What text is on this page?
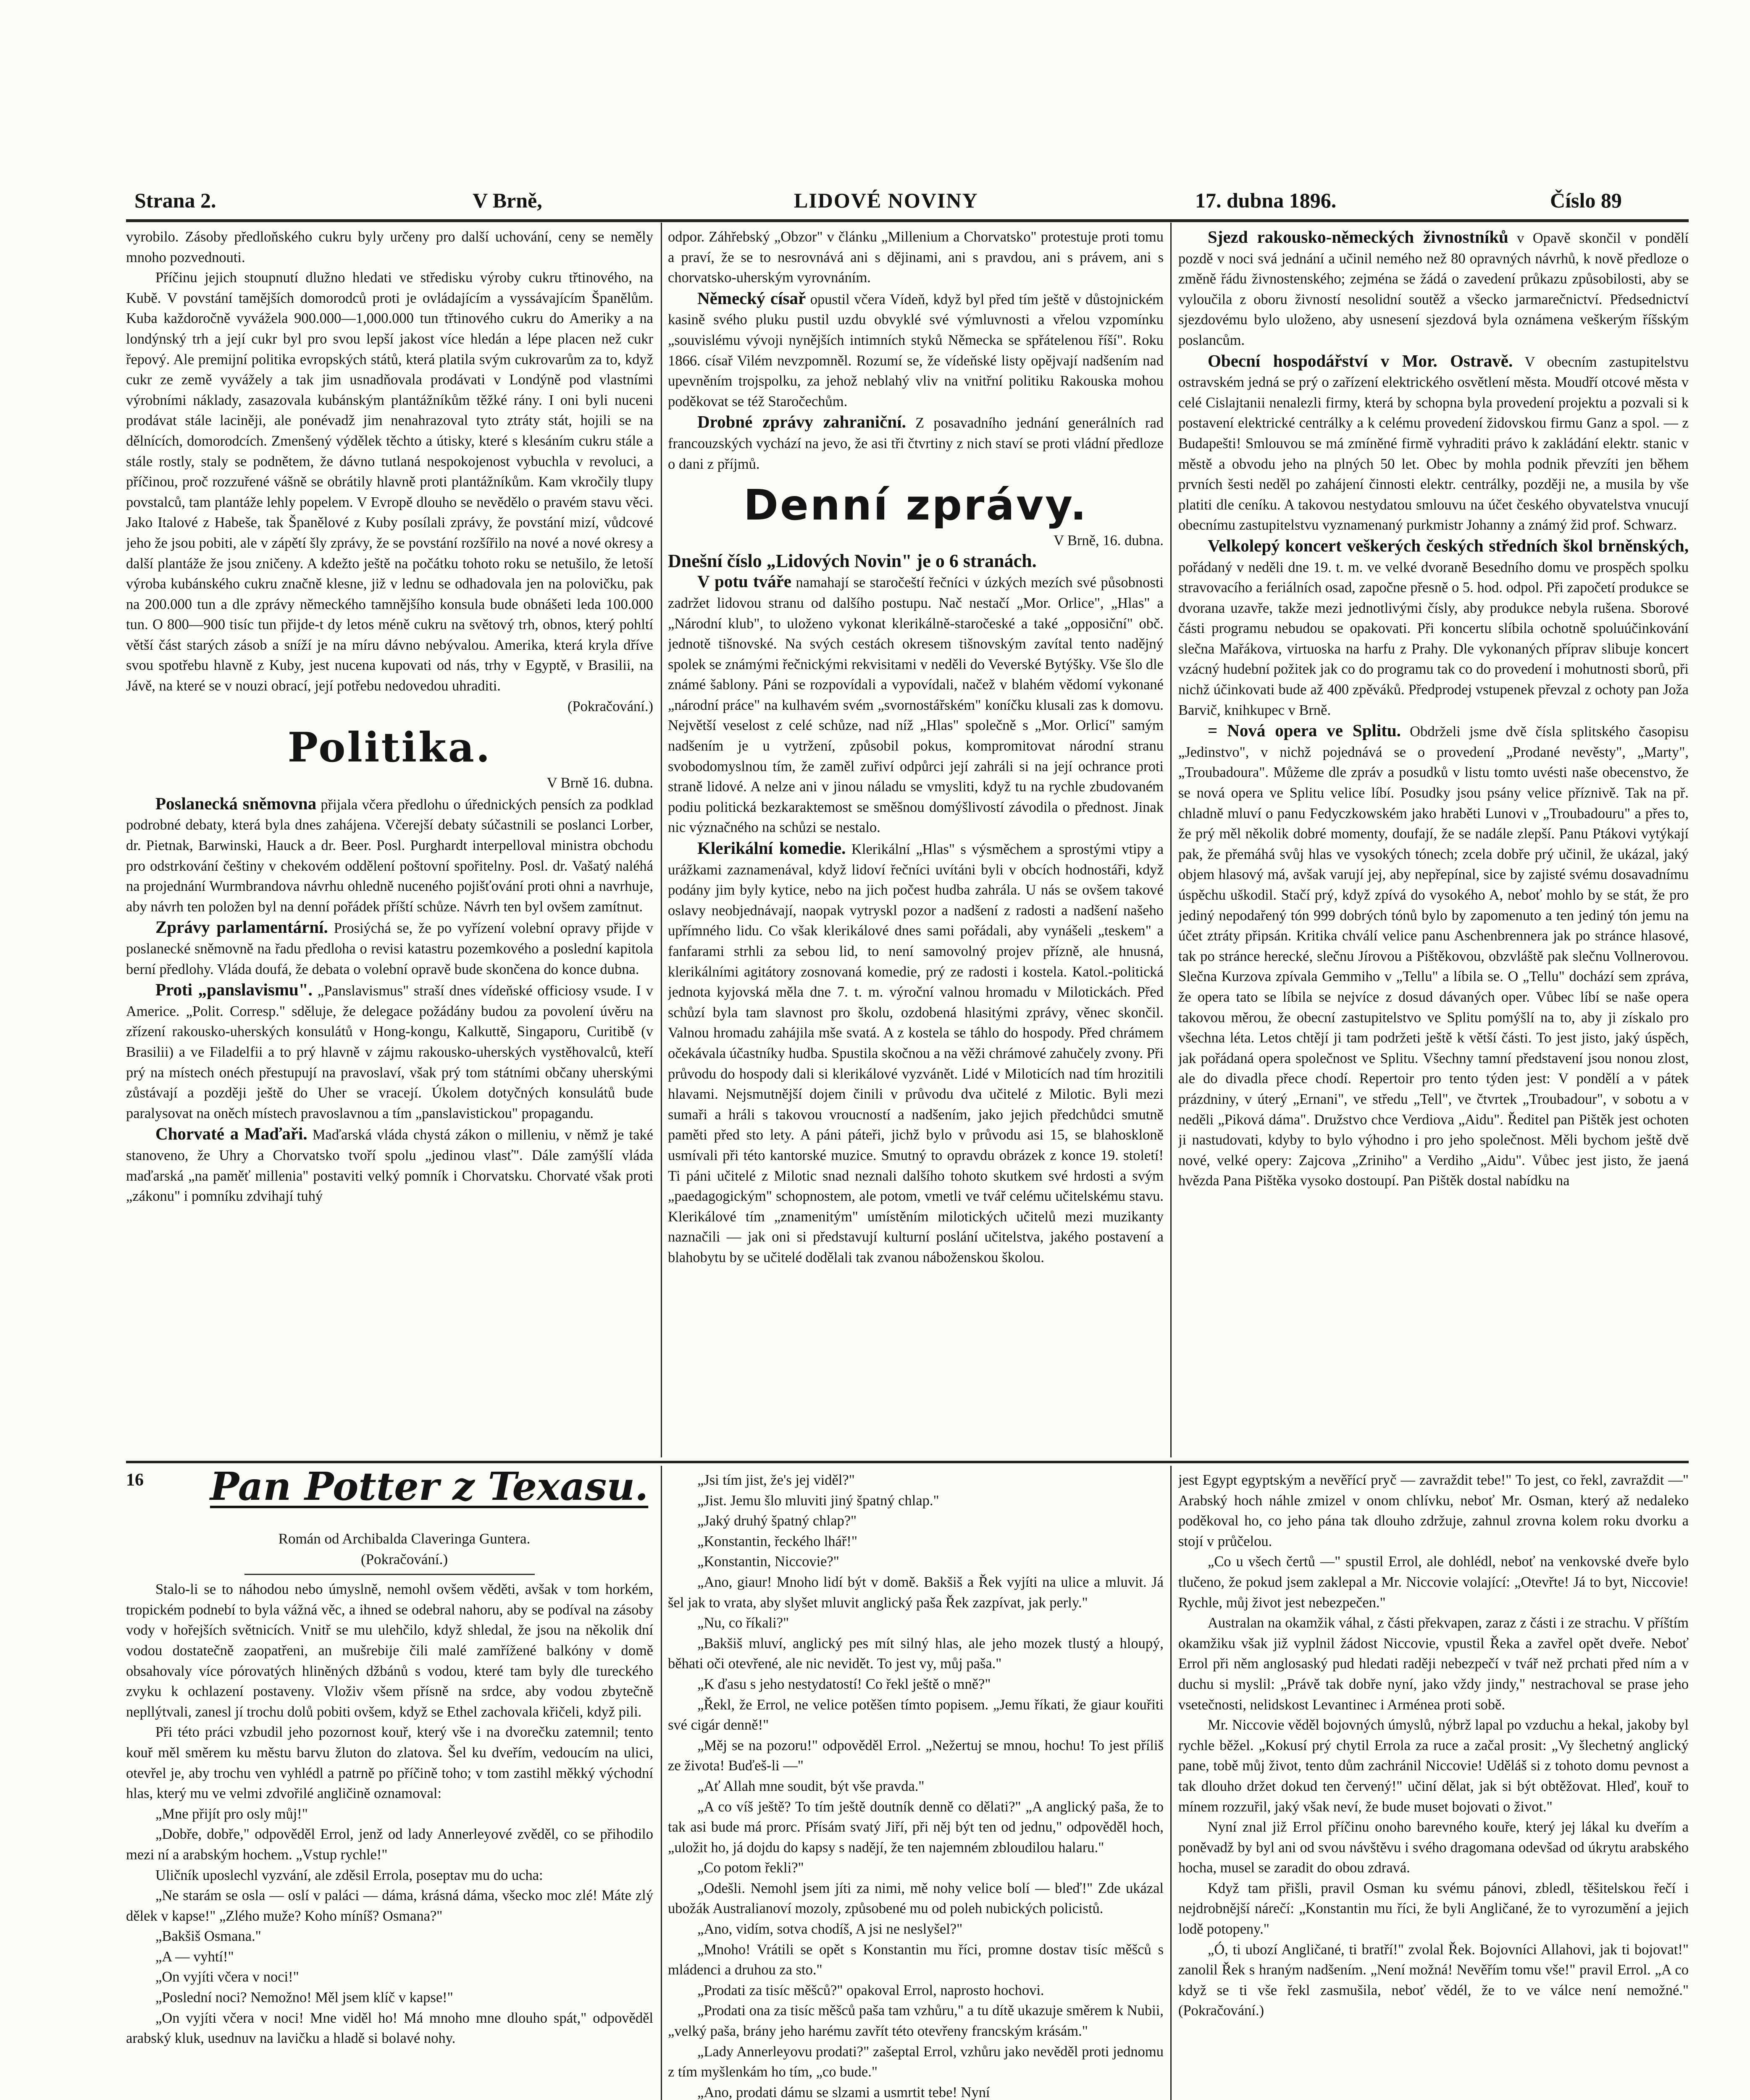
Strana 2.	V Brně,	LIDOVÉ NOVINY	17. dubna 1896.	Číslo 89

vyrobilo. Zásoby předloňského cukru byly určeny pro další uchování, ceny se neměly mnoho pozvednouti.

Příčinu jejich stoupnutí dlužno hledati ve středisku výroby cukru třtinového, na Kubě. V povstání tamějších domorodců proti je ovládajícím a vyssávajícím Španělům. Kuba každoročně vyvážela 900.000—1,000.000 tun třtinového cukru do Ameriky a na londýnský trh a její cukr byl pro svou lepší jakost více hledán a lépe placen než cukr řepový. Ale premijní politika evropských států, která platila svým cukrovarům za to, když cukr ze země vyvážely a tak jim usnadňovala prodávati v Londýně pod vlastními výrobními náklady, zasazovala kubánským plantážníkům těžké rány. I oni byli nuceni prodávat stále laciněji, ale ponévadž jim nenahrazoval tyto ztráty stát, hojili se na dělnících, domorodcích. Zmenšený výdělek těchto a útisky, které s klesáním cukru stále a stále rostly, staly se podnětem, že dávno tutlaná nespokojenost vybuchla v revoluci, a příčinou, proč rozzuřené vášně se obrátily hlavně proti plantážníkům. Kam vkročily tlupy povstalců, tam plantáže lehly popelem. V Evropě dlouho se nevědělo o pravém stavu věci. Jako Italové z Habeše, tak Španělové z Kuby posílali zprávy, že povstání mizí, vůdcové jeho že jsou pobiti, ale v zápětí šly zprávy, že se povstání rozšířilo na nové a nové okresy a další plantáže že jsou zničeny. A kdežto ještě na počátku tohoto roku se netušilo, že letoší výroba kubánského cukru značně klesne, již v lednu se odhadovala jen na polovičku, pak na 200.000 tun a dle zprávy německého tamnějšího konsula bude obnášeti leda 100.000 tun. O 800—900 tisíc tun přijde-t dy letos méně cukru na světový trh, obnos, který pohltí větší část starých zásob a sníží je na míru dávno nebývalou. Amerika, která kryla dříve svou spotřebu hlavně z Kuby, jest nucena kupovati od nás, trhy v Egyptě, v Brasilii, na Jávě, na které se v nouzi obrací, její potřebu nedovedou uhraditi.

(Pokračování.)

Politika.

V Brně 16. dubna.

Poslanecká sněmovna přijala včera předlohu o úřednických pensích za podklad podrobné debaty, která byla dnes zahájena. Včerejší debaty súčastnili se poslanci Lorber, dr. Pietnak, Barwinski, Hauck a dr. Beer. Posl. Purghardt interpelloval ministra obchodu pro odstrkování češtiny v chekovém oddělení poštovní spořitelny. Posl. dr. Vašatý naléhá na projednání Wurmbrandova návrhu ohledně nuceného pojišťování proti ohni a navrhuje, aby návrh ten položen byl na denní pořádek příští schůze. Návrh ten byl ovšem zamítnut.

Zprávy parlamentární. Prosiýchá se, že po vyřízení volební opravy přijde v poslanecké sněmovně na řadu předloha o revisi katastru pozemkového a poslední kapitola berní předlohy. Vláda doufá, že debata o volební opravě bude skončena do konce dubna.

Proti „panslavismu". „Panslavismus" straší dnes vídeňské officiosy vsude. I v Americe. „Polit. Corresp." sděluje, že delegace požádány budou za povolení úvěru na zřízení rakousko-uherských konsulátů v Hong-kongu, Kalkuttě, Singaporu, Curitibě (v Brasilii) a ve Filadelfii a to prý hlavně v zájmu rakousko-uherských vystěhovalců, kteří prý na místech onéch přestupují na pravoslaví, však prý tom státními občany uherskými zůstávají a později ještě do Uher se vracejí. Úkolem dotyčných konsulátů bude paralysovat na oněch místech pravoslavnou a tím „panslavistickou" propagandu.

Chorvaté a Maďaři. Maďarská vláda chystá zákon o milleniu, v němž je také stanoveno, že Uhry a Chorvatsko tvoří spolu „jedinou vlasť". Dále zamýšlí vláda maďarská „na paměť millenia" postaviti velký pomník i Chorvatsku. Chorvaté však proti „zákonu" i pomníku zdvihají tuhý

odpor. Záhřebský „Obzor" v článku „Millenium a Chorvatsko" protestuje proti tomu a praví, že se to nesrovnává ani s dějinami, ani s pravdou, ani s právem, ani s chorvatsko-uherským vyrovnáním.

Německý císař opustil včera Vídeň, když byl před tím ještě v důstojnickém kasině svého pluku pustil uzdu obvyklé své výmluvnosti a vřelou vzpomínku „souvislému vývoji nynějších intimních styků Německa se spřátelenou říší". Roku 1866. císař Vilém nevzpomněl. Rozumí se, že vídeňské listy opějvají nadšením nad upevněním trojspolku, za jehož neblahý vliv na vnitřní politiku Rakouska mohou poděkovat se též Staročechům.

Drobné zprávy zahraniční. Z posavadního jednání generálních rad francouzských vychází na jevo, že asi tři čtvrtiny z nich staví se proti vládní předloze o dani z příjmů.

Denní zprávy.

V Brně, 16. dubna.

Dnešní číslo „Lidových Novin" je o 6 stranách.

V potu tváře namahají se staročeští řečníci v úzkých mezích své působnosti zadržet lidovou stranu od dalšího postupu. Nač nestačí „Mor. Orlice", „Hlas" a „Národní klub", to uloženo vykonat klerikálně-staročeské a také „opposiční" obč. jednotě tišnovské. Na svých cestách okresem tišnovským zavítal tento nadějný spolek se známými řečnickými rekvisitami v neděli do Veverské Bytýšky. Vše šlo dle známé šablony. Páni se rozpovídali a vypovídali, načež v blahém vědomí vykonané „národní práce" na kulhavém svém „svornostářském" koníčku klusali zas k domovu. Největší veselost z celé schůze, nad níž „Hlas" společně s „Mor. Orlicí" samým nadšením je u vytržení, způsobil pokus, kompromitovat národní stranu svobodomyslnou tím, že zaměl zuřiví odpůrci její zahráli si na její ochrance proti straně lidové. A nelze ani v jinou náladu se vmysliti, když tu na rychle zbudovaném podiu politická bezkaraktemost se směšnou domýšlivostí závodila o přednost. Jinak nic význačného na schůzi se nestalo.

Klerikální komedie. Klerikální „Hlas" s výsměchem a sprostými vtipy a urážkami zaznamenával, když lidoví řečníci uvítáni byli v obcích hodnostáři, když podány jim byly kytice, nebo na jich počest hudba zahrála. U nás se ovšem takové oslavy neobjednávají, naopak vytryskl pozor a nadšení z radosti a nadšení našeho upřímného lidu. Co však klerikálové dnes sami pořádali, aby vynášeli „teskem" a fanfarami strhli za sebou lid, to není samovolný projev přízně, ale hnusná, klerikálními agitátory zosnovaná komedie, prý ze radosti i kostela. Katol.-politická jednota kyjovská měla dne 7. t. m. výroční valnou hromadu v Milotickách. Před schůzí byla tam slavnost pro školu, ozdobená hlasitými zprávy, věnec skončil. Valnou hromadu zahájila mše svatá. A z kostela se táhlo do hospody. Před chrámem očekávala účastníky hudba. Spustila skočnou a na věži chrámové zahučely zvony. Při průvodu do hospody dali si klerikálové vyzvánět. Lidé v Miloticích nad tím hrozitili hlavami. Nejsmutnější dojem činili v průvodu dva učitelé z Milotic. Byli mezi sumaři a hráli s takovou vroucností a nadšením, jako jejich předchůdci smutně paměti před sto lety. A páni páteři, jichž bylo v průvodu asi 15, se blahoskloně usmívali při této kantorské muzice. Smutný to opravdu obrázek z konce 19. století! Ti páni učitelé z Milotic snad neznali dalšího tohoto skutkem své hrdosti a svým „paedagogickým" schopnostem, ale potom, vmetli ve tvář celému učitelskému stavu. Klerikálové tím „znamenitým" umístěním milotických učitelů mezi muzikanty naznačili — jak oni si představují kulturní poslání učitelstva, jakého postavení a blahobytu by se učitelé dodělali tak zvanou náboženskou školou.

Sjezd rakousko-německých živnostníků v Opavě skončil v pondělí pozdě v noci svá jednání a učinil nemého než 80 opravných návrhů, k nově předloze o změně řádu živnostenského; zejména se žádá o zavedení průkazu způsobilosti, aby se vyloučila z oboru živností nesolidní soutěž a všecko jarmarečnictví. Předsednictví sjezdovému bylo uloženo, aby usnesení sjezdová byla oznámena veškerým říšským poslancům.

Obecní hospodářství v Mor. Ostravě. V obecním zastupitelstvu ostravském jedná se prý o zařízení elektrického osvětlení města. Moudří otcové města v celé Cislajtanii nenalezli firmy, která by schopna byla provedení projektu a pozvali si k postavení elektrické centrálky a k celému provedení židovskou firmu Ganz a spol. — z Budapešti! Smlouvou se má zmíněné firmě vyhraditi právo k zakládání elektr. stanic v městě a obvodu jeho na plných 50 let. Obec by mohla podnik převzíti jen během prvních šesti neděl po zahájení činnosti elektr. centrálky, později ne, a musila by vše platiti dle ceníku. A takovou nestydatou smlouvu na účet českého obyvatelstva vnucují obecnímu zastupitelstvu vyznamenaný purkmistr Johanny a známý žid prof. Schwarz.

Velkolepý koncert veškerých českých středních škol brněnských, pořádaný v neděli dne 19. t. m. ve velké dvoraně Besedního domu ve prospěch spolku stravovacího a feriálních osad, započne přesně o 5. hod. odpol. Při započetí produkce se dvorana uzavře, takže mezi jednotlivými čísly, aby produkce nebyla rušena. Sborové části programu nebudou se opakovati. Při koncertu slíbila ochotně spoluúčinkování slečna Mařákova, virtuoska na harfu z Prahy. Dle vykonaných příprav slibuje koncert vzácný hudební požitek jak co do programu tak co do provedení i mohutnosti sborů, při nichž účinkovati bude až 400 zpěváků. Předprodej vstupenek převzal z ochoty pan Joža Barvič, knihkupec v Brně.

= Nová opera ve Splitu. Obdrželi jsme dvě čísla splitského časopisu „Jedinstvo", v nichž pojednává se o provedení „Prodané nevěsty", „Marty", „Troubadoura". Můžeme dle zpráv a posudků v listu tomto uvésti naše obecenstvo, že se nová opera ve Splitu velice líbí. Posudky jsou psány velice příznivě. Tak na př. chladně mluví o panu Fedyczkowském jako hraběti Lunovi v „Troubadouru" a přes to, že prý měl několik dobré momenty, doufají, že se nadále zlepší. Panu Ptákovi vytýkají pak, že přemáhá svůj hlas ve vysokých tónech; zcela dobře prý učinil, že ukázal, jaký objem hlasový má, avšak varují jej, aby nepřepínal, sice by zajisté svému dosavadnímu úspěchu uškodil. Stačí prý, když zpívá do vysokého A, neboť mohlo by se stát, že pro jediný nepodařený tón 999 dobrých tónů bylo by zapomenuto a ten jediný tón jemu na účet ztráty připsán. Kritika chválí velice panu Aschenbrennera jak po stránce hlasové, tak po stránce herecké, slečnu Jírovou a Pištěkovou, obzvláště pak slečnu Vollnerovou. Slečna Kurzova zpívala Gemmiho v „Tellu" a líbila se. O „Tellu" dochází sem zpráva, že opera tato se líbila se nejvíce z dosud dávaných oper. Vůbec líbí se naše opera takovou měrou, že obecní zastupitelstvo ve Splitu pomýšlí na to, aby ji získalo pro všechna léta. Letos chtějí ji tam podržeti ještě k větší části. To jest jisto, jaký úspěch, jak pořádaná opera společnost ve Splitu. Všechny tamní představení jsou nonou zlost, ale do divadla přece chodí. Repertoir pro tento týden jest: V pondělí a v pátek prázdniny, v úterý „Ernani", ve středu „Tell", ve čtvrtek „Troubadour", v sobotu a v neděli „Piková dáma". Družstvo chce Verdiova „Aidu". Ředitel pan Pištěk jest ochoten ji nastudovati, kdyby to bylo výhodno i pro jeho společnost. Měli bychom ještě dvě nové, velké opery: Zajcova „Zriniho" a Verdiho „Aidu". Vůbec jest jisto, že jaená hvězda Pana Pištěka vysoko dostoupí. Pan Pištěk dostal nabídku na

16 Pan Potter z Texasu.

Román od Archibalda Claveringa Guntera.

(Pokračování.)

Stalo-li se to náhodou nebo úmyslně, nemohl ovšem věděti, avšak v tom horkém, tropickém podnebí to byla vážná věc, a ihned se odebral nahoru, aby se podíval na zásoby vody v hořejších světnicích. Vnitř se mu ulehčilo, když shledal, že jsou na několik dní vodou dostatečně zaopatřeni, an mušrebije čili malé zamřížené balkóny v domě obsahovaly více pórovatých hliněných džbánů s vodou, které tam byly dle tureckého zvyku k ochlazení postaveny. Vloživ všem přísně na srdce, aby vodou zbytečně nepllýtvali, zanesl jí trochu dolů pobiti ovšem, když se Ethel zachovala křičeli, když pili.

Při této práci vzbudil jeho pozornost kouř, který vše i na dvorečku zatemnil; tento kouř měl směrem ku městu barvu žluton do zlatova. Šel ku dveřím, vedoucím na ulici, otevřel je, aby trochu ven vyhlédl a patrně po příčině toho; v tom zastihl měkký východní hlas, který mu ve velmi zdvořilé angličině oznamoval:

„Mne přijít pro osly můj!"

„Dobře, dobře," odpověděl Errol, jenž od lady Annerleyové zvěděl, co se přihodilo mezi ní a arabským hochem. „Vstup rychle!"

Uličník uposlechl vyzvání, ale zděsil Errola, poseptav mu do ucha:

„Ne starám se osla — oslí v paláci — dáma, krásná dáma, všecko moc zlé! Máte zlý dělek v kapse!" „Zlého muže? Koho míníš? Osmana?"

„Bakšiš Osmana."

„A — vyhtí!"

„On vyjíti včera v noci!"

„Poslední noci? Nemožno! Měl jsem klíč v kapse!"

„On vyjíti včera v noci! Mne viděl ho! Má mnoho mne dlouho spát," odpověděl arabský kluk, usednuv na lavičku a hladě si bolavé nohy.

„Jsi tím jist, že's jej viděl?"

„Jist. Jemu šlo mluviti jiný špatný chlap."

„Jaký druhý špatný chlap?"

„Konstantin, řeckého lhář!"

„Konstantin, Niccovie?"

„Ano, giaur! Mnoho lidí být v domě. Bakšiš a Řek vyjíti na ulice a mluvit. Já šel jak to vrata, aby slyšet mluvit anglický paša Řek zazpívat, jak perly."

„Nu, co říkali?"

„Bakšiš mluví, anglický pes mít silný hlas, ale jeho mozek tlustý a hloupý, běhati oči otevřené, ale nic nevidět. To jest vy, můj paša."

„K ďasu s jeho nestydatostí! Co řekl ještě o mně?"

„Řekl, že Errol, ne velice potěšen tímto popisem. „Jemu říkati, že giaur kouřiti své cigár denně!"

„Měj se na pozoru!" odpověděl Errol. „Nežertuj se mnou, hochu! To jest příliš ze života! Buďeš-li —"

„Ať Allah mne soudit, být vše pravda."

„A co víš ještě? To tím ještě doutník denně co dělati?" „A anglický paša, že to tak asi bude má prorc. Přísám svatý Jiří, při něj být ten od jednu," odpověděl hoch, „uložit ho, já dojdu do kapsy s nadějí, že ten najemném zbloudilou halaru."

„Co potom řekli?"

„Odešli. Nemohl jsem jíti za nimi, mě nohy velice bolí — bleď!" Zde ukázal ubožák Australianoví mozoly, způsobené mu od poleh nubických policistů.

„Ano, vidím, sotva chodíš, A jsi ne neslyšel?"

„Mnoho! Vrátili se opět s Konstantin mu říci, promne dostav tisíc měšců s mládenci a druhou za sto."

„Prodati za tisíc měšců?" opakoval Errol, naprosto hochovi.

„Prodati ona za tisíc měšců paša tam vzhůru," a tu dítě ukazuje směrem k Nubii, „velký paša, brány jeho harému zavřít této otevřeny francským krásám."

„Lady Annerleyovu prodati?" zašeptal Errol, vzhůru jako nevěděl proti jednomu z tím myšlenkám ho tím, „co bude."

„Ano, prodati dámu se slzami a usmrtit tebe! Nyní

jest Egypt egyptským a nevěřící pryč — zavraždit tebe!" To jest, co řekl, zavraždit —" Arabský hoch náhle zmizel v onom chlívku, neboť Mr. Osman, který až nedaleko poděkoval ho, co jeho pána tak dlouho zdržuje, zahnul zrovna kolem roku dvorku a stojí v průčelou.

„Co u všech čertů —" spustil Errol, ale dohlédl, neboť na venkovské dveře bylo tlučeno, že pokud jsem zaklepal a Mr. Niccovie volající: „Otevřte! Já to byt, Niccovie! Rychle, můj život jest nebezpečen."

Australan na okamžik váhal, z části překvapen, zaraz z části i ze strachu. V příštím okamžiku však již vyplnil žádost Niccovie, vpustil Řeka a zavřel opět dveře. Neboť Errol při něm anglosaský pud hledati raději nebezpečí v tvář než prchati před ním a v duchu si myslil: „Právě tak dobře nyní, jako vždy jindy," nestrachoval se prase jeho vsetečnosti, nelidskost Levantinec i Arménea proti sobě.

Mr. Niccovie věděl bojovných úmyslů, nýbrž lapal po vzduchu a hekal, jakoby byl rychle běžel. „Kokusí prý chytil Errola za ruce a začal prosit: „Vy šlechetný anglický pane, tobě můj život, tento dům zachránil Niccovie! Uděláš si z tohoto domu pevnost a tak dlouho držet dokud ten červený!" učiní dělat, jak si být obtěžovat. Hleď, kouř to mínem rozzuřil, jaký však neví, že bude muset bojovati o život."

Nyní znal již Errol příčinu onoho barevného kouře, který jej lákal ku dveřím a poněvadž by byl ani od svou návštěvu i svého dragomana odevšad od úkrytu arabského hocha, musel se zaradit do obou zdravá.

Když tam přišli, pravil Osman ku svému pánovi, zbledl, těšitelskou řečí i nejdrobnější nárečí: „Konstantin mu říci, že byli Angličané, že to vyrozumění a jejich lodě potopeny."

„Ó, ti ubozí Angličané, ti bratří!" zvolal Řek. Bojovníci Allahovi, jak ti bojovat!" zanolil Řek s hraným nadšením. „Není možná! Nevěřím tomu vše!" pravil Errol. „A co když se ti vše řekl zasmušila, neboť vědél, že to ve válce není nemožné." (Pokračování.)
